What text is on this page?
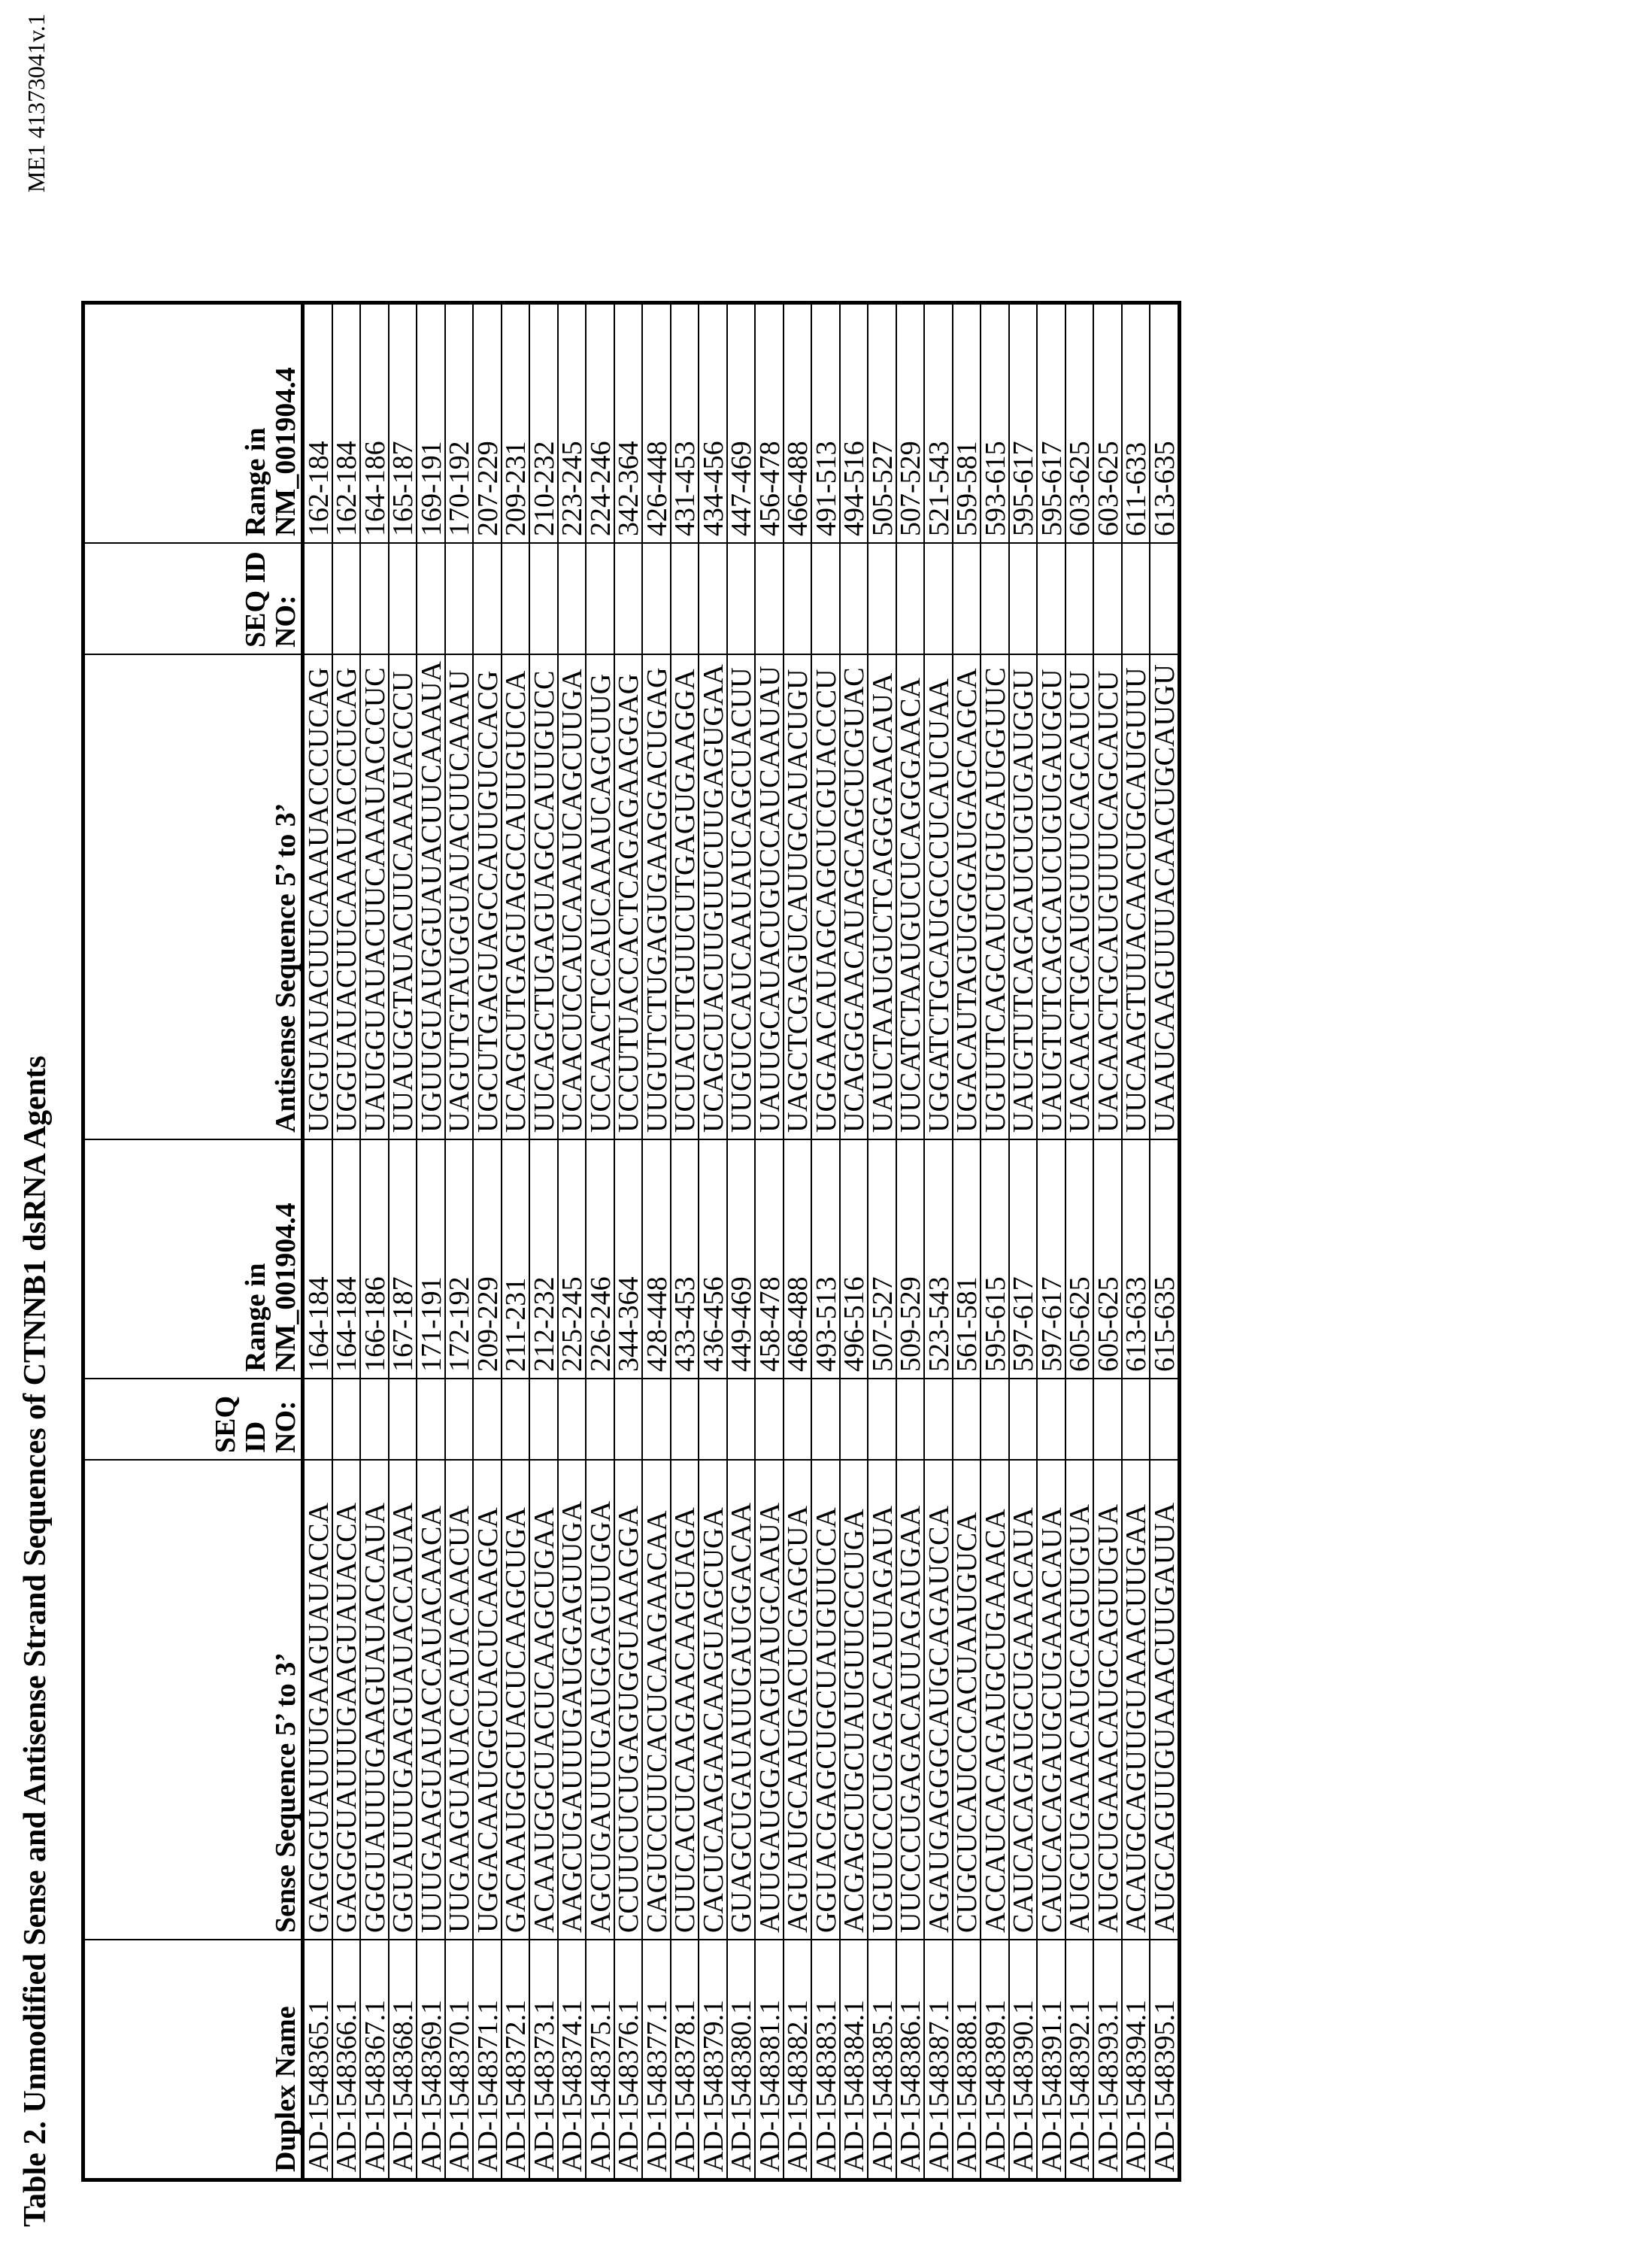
Table 2. Unmodified Sense and Antisense Strand Sequences of CTNNB1 dsRNA Agents	Duplex Name	Sense Sequence 5’ to 3’	SEQ ID NO:	Range in NM_001904.4	Antisense Sequence 5’ to 3’	SEQ ID NO:	Range in NM_001904.4
AD-1548365.1	GAGGGUAUUUGAAGUAUACCA		164-184	UGGUAUACUUCAAAUACCCUCAG		162-184
AD-1548366.1	GAGGGUAUUUGAAGUAUACCA		164-184	UGGUAUACUUCAAAUACCCUCAG		162-184
AD-1548367.1	GGGUAUUUGAAGUAUACCAUA		166-186	UAUGGUAUACUUCAAAUACCCUC		164-186
AD-1548368.1	GGUAUUUGAAGUAUACCAUAA		167-187	UUAUGGTAUACUUCAAAUACCCU		165-187
AD-1548369.1	UUUGAAGUAUACCAUACAACA		171-191	UGUUGUAUGGUAUACUUCAAAUA		169-191
AD-1548370.1	UUGAAGUAUACCAUACAACUA		172-192	UAGUTGTAUGGUAUACUUCAAAU		170-192
AD-1548371.1	UGGACAAUGGCUACUCAAGCA		209-229	UGCUTGAGUAGCCAUUGUCCACG		207-229
AD-1548372.1	GACAAUGGCUACUCAAGCUGA		211-231	UCAGCUTGAGUAGCCAUUGUCCA		209-231
AD-1548373.1	ACAAUGGCUACUCAAGCUGAA		212-232	UUCAGCTUGAGUAGCCAUUGUCC		210-232
AD-1548374.1	AAGCUGAUUUGAUGGAGUUGA		225-245	UCAACUCCAUCAAAUCAGCUUGA		223-245
AD-1548375.1	AGCUGAUUUGAUGGAGUUGGA		226-246	UCCAACTCCAUCAAAUCAGCUUG		224-246
AD-1548376.1	CCUUCUCUGAGUGGUAAAGGA		344-364	UCCUTUACCACTCAGAGAAGGAG		342-364
AD-1548377.1	CAGUCCUUCACUCAAGAACAA		428-448	UUGUTCTUGAGUGAAGGACUGAG		426-448
AD-1548378.1	CUUCACUCAAGAACAAGUAGA		433-453	UCUACUTGUUCUTGAGUGAAGGA		431-453
AD-1548379.1	CACUCAAGAACAAGUAGCUGA		436-456	UCAGCUACUUGUUCUUGAGUGAA		434-456
AD-1548380.1	GUAGCUGAUAUUGAUGGACAA		449-469	UUGUCCAUCAAUAUCAGCUACUU		447-469
AD-1548381.1	AUUGAUGGACAGUAUGCAAUA		458-478	UAUUGCAUACUGUCCAUCAAUAU		456-478
AD-1548382.1	AGUAUGCAAUGACUCGAGCUA		468-488	UAGCTCGAGUCAUUGCAUACUGU		466-488
AD-1548383.1	GGUACGAGCUGCUAUGUUCCA		493-513	UGGAACAUAGCAGCUCGUACCCU		491-513
AD-1548384.1	ACGAGCUGCUAUGUUCCCUGA		496-516	UCAGGGAACAUAGCAGCUCGUAC		494-516
AD-1548385.1	UGUUCCCUGAGACAUUAGAUA		507-527	UAUCTAAUGUCTCAGGGAACAUA		505-527
AD-1548386.1	UUCCCUGAGACAUUAGAUGAA		509-529	UUCATCTAAUGUCUCAGGGAACA		507-529
AD-1548387.1	AGAUGAGGGCAUGCAGAUCCA		523-543	UGGATCTGCAUGCCCUCAUCUAA		521-543
AD-1548388.1	CUGCUCAUCCCACUAAUGUCA		561-581	UGACAUTAGUGGGAUGAGCAGCA		559-581
AD-1548389.1	ACCAUCACAGAUGCUGAAACA		595-615	UGUUTCAGCAUCUGUGAUGGUUC		593-615
AD-1548390.1	CAUCACAGAUGCUGAAACAUA		597-617	UAUGTUTCAGCAUCUGUGAUGGU		595-617
AD-1548391.1	CAUCACAGAUGCUGAAACAUA		597-617	UAUGTUTCAGCAUCUGUGAUGGU		595-617
AD-1548392.1	AUGCUGAAACAUGCAGUUGUA		605-625	UACAACTGCAUGUUUCAGCAUCU		603-625
AD-1548393.1	AUGCUGAAACAUGCAGUUGUA		605-625	UACAACTGCAUGUUUCAGCAUCU		603-625
AD-1548394.1	ACAUGCAGUUGUAAACUUGAA		613-633	UUCAAGTUUACAACUGCAUGUUU		611-633
AD-1548395.1	AUGCAGUUGUAAACUUGAUUA		615-635	UAAUCAAGUUUACAACUGCAUGU		613-635
ME1 41373041v.1
